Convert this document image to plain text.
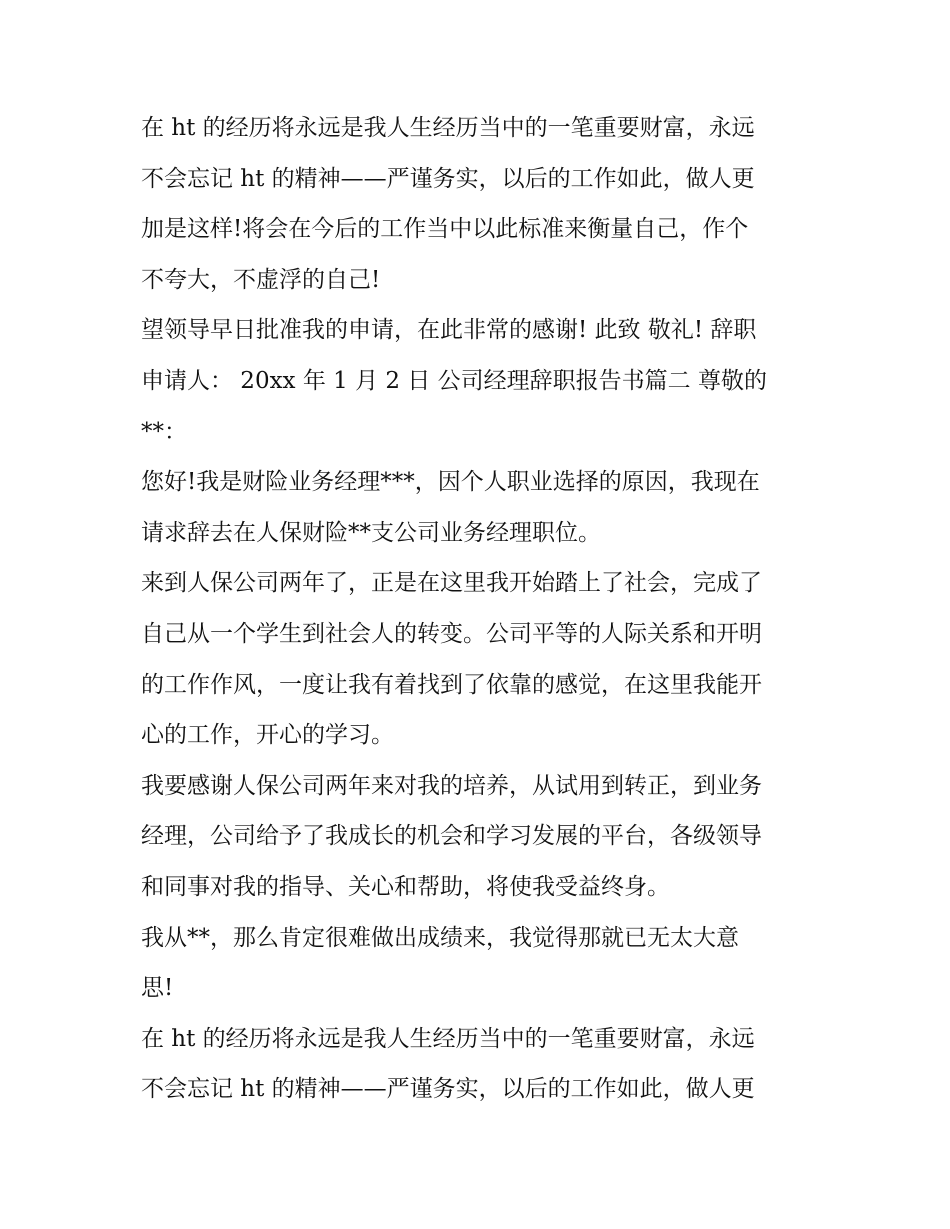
在 ht 的经历将永远是我人生经历当中的一笔重要财富，永远
不会忘记 ht 的精神——严谨务实，以后的工作如此，做人更
加是这样!将会在今后的工作当中以此标准来衡量自己，作个
不夸大，不虚浮的自己!
望领导早日批准我的申请，在此非常的感谢! 此致 敬礼! 辞职
申请人： 20xx 年 1 月 2 日 公司经理辞职报告书篇二 尊敬的
**：
您好!我是财险业务经理***，因个人职业选择的原因，我现在
请求辞去在人保财险**支公司业务经理职位。
来到人保公司两年了，正是在这里我开始踏上了社会，完成了
自己从一个学生到社会人的转变。公司平等的人际关系和开明
的工作作风，一度让我有着找到了依靠的感觉，在这里我能开
心的工作，开心的学习。
我要感谢人保公司两年来对我的培养，从试用到转正，到业务
经理，公司给予了我成长的机会和学习发展的平台，各级领导
和同事对我的指导、关心和帮助，将使我受益终身。
我从**，那么肯定很难做出成绩来，我觉得那就已无太大意
思!
在 ht 的经历将永远是我人生经历当中的一笔重要财富，永远
不会忘记 ht 的精神——严谨务实，以后的工作如此，做人更
